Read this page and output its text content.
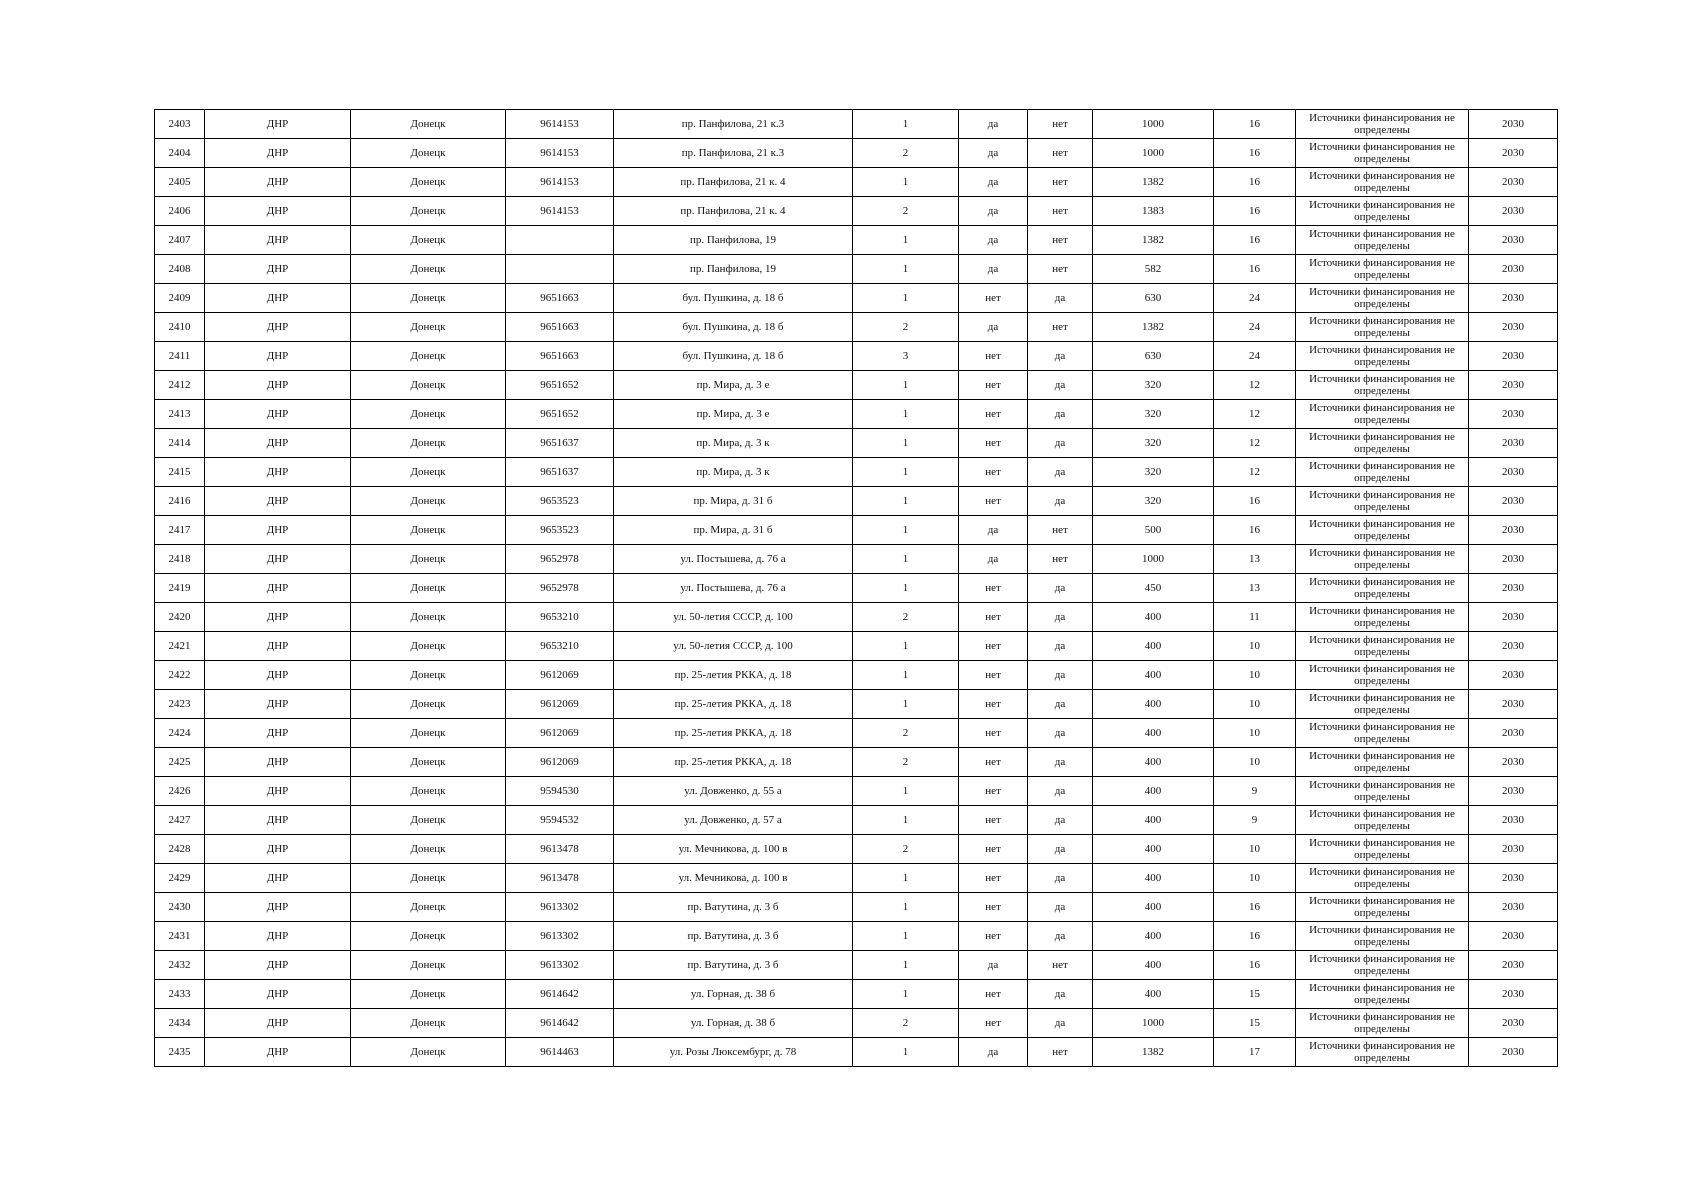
2403	ДНР	Донецк	9614153	пр. Панфилова, 21 к.3	1	да	нет	1000	16	Источники финансирования не определены	2030
2404	ДНР	Донецк	9614153	пр. Панфилова, 21 к.3	2	да	нет	1000	16	Источники финансирования не определены	2030
2405	ДНР	Донецк	9614153	пр. Панфилова, 21 к. 4	1	да	нет	1382	16	Источники финансирования не определены	2030
2406	ДНР	Донецк	9614153	пр. Панфилова, 21 к. 4	2	да	нет	1383	16	Источники финансирования не определены	2030
2407	ДНР	Донецк		пр. Панфилова, 19	1	да	нет	1382	16	Источники финансирования не определены	2030
2408	ДНР	Донецк		пр. Панфилова, 19	1	да	нет	582	16	Источники финансирования не определены	2030
2409	ДНР	Донецк	9651663	бул. Пушкина, д. 18 б	1	нет	да	630	24	Источники финансирования не определены	2030
2410	ДНР	Донецк	9651663	бул. Пушкина, д. 18 б	2	да	нет	1382	24	Источники финансирования не определены	2030
2411	ДНР	Донецк	9651663	бул. Пушкина, д. 18 б	3	нет	да	630	24	Источники финансирования не определены	2030
2412	ДНР	Донецк	9651652	пр. Мира, д. 3 е	1	нет	да	320	12	Источники финансирования не определены	2030
2413	ДНР	Донецк	9651652	пр. Мира, д. 3 е	1	нет	да	320	12	Источники финансирования не определены	2030
2414	ДНР	Донецк	9651637	пр. Мира, д. 3 к	1	нет	да	320	12	Источники финансирования не определены	2030
2415	ДНР	Донецк	9651637	пр. Мира, д. 3 к	1	нет	да	320	12	Источники финансирования не определены	2030
2416	ДНР	Донецк	9653523	пр. Мира, д. 31 б	1	нет	да	320	16	Источники финансирования не определены	2030
2417	ДНР	Донецк	9653523	пр. Мира, д. 31 б	1	да	нет	500	16	Источники финансирования не определены	2030
2418	ДНР	Донецк	9652978	ул. Постышева, д. 76 а	1	да	нет	1000	13	Источники финансирования не определены	2030
2419	ДНР	Донецк	9652978	ул. Постышева, д. 76 а	1	нет	да	450	13	Источники финансирования не определены	2030
2420	ДНР	Донецк	9653210	ул. 50-летия СССР, д. 100	2	нет	да	400	11	Источники финансирования не определены	2030
2421	ДНР	Донецк	9653210	ул. 50-летия СССР, д. 100	1	нет	да	400	10	Источники финансирования не определены	2030
2422	ДНР	Донецк	9612069	пр. 25-летия РККА, д. 18	1	нет	да	400	10	Источники финансирования не определены	2030
2423	ДНР	Донецк	9612069	пр. 25-летия РККА, д. 18	1	нет	да	400	10	Источники финансирования не определены	2030
2424	ДНР	Донецк	9612069	пр. 25-летия РККА, д. 18	2	нет	да	400	10	Источники финансирования не определены	2030
2425	ДНР	Донецк	9612069	пр. 25-летия РККА, д. 18	2	нет	да	400	10	Источники финансирования не определены	2030
2426	ДНР	Донецк	9594530	ул. Довженко, д. 55 а	1	нет	да	400	9	Источники финансирования не определены	2030
2427	ДНР	Донецк	9594532	ул. Довженко, д. 57 а	1	нет	да	400	9	Источники финансирования не определены	2030
2428	ДНР	Донецк	9613478	ул. Мечникова, д. 100 в	2	нет	да	400	10	Источники финансирования не определены	2030
2429	ДНР	Донецк	9613478	ул. Мечникова, д. 100 в	1	нет	да	400	10	Источники финансирования не определены	2030
2430	ДНР	Донецк	9613302	пр. Ватутина, д. 3 б	1	нет	да	400	16	Источники финансирования не определены	2030
2431	ДНР	Донецк	9613302	пр. Ватутина, д. 3 б	1	нет	да	400	16	Источники финансирования не определены	2030
2432	ДНР	Донецк	9613302	пр. Ватутина, д. 3 б	1	да	нет	400	16	Источники финансирования не определены	2030
2433	ДНР	Донецк	9614642	ул. Горная, д. 38 б	1	нет	да	400	15	Источники финансирования не определены	2030
2434	ДНР	Донецк	9614642	ул. Горная, д. 38 б	2	нет	да	1000	15	Источники финансирования не определены	2030
2435	ДНР	Донецк	9614463	ул. Розы Люксембург, д. 78	1	да	нет	1382	17	Источники финансирования не определены	2030
